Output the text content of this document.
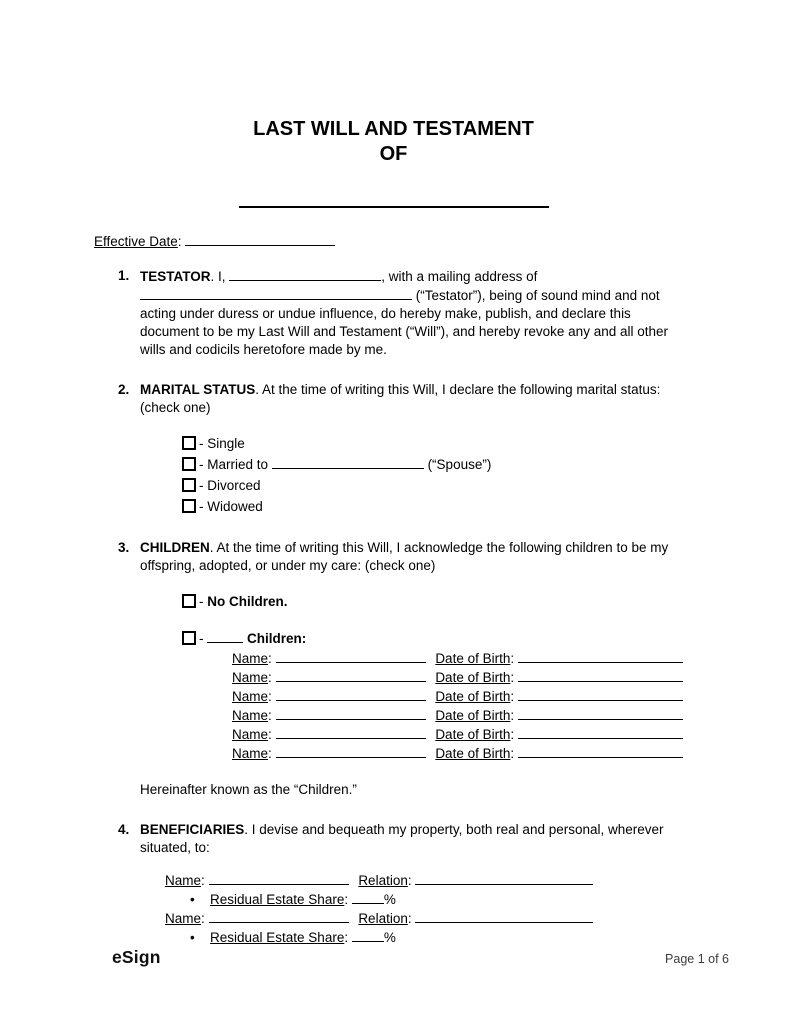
LAST WILL AND TESTAMENT
OF
Effective Date:
1. TESTATOR. I,	, with a mailing address of  (“Testator”), being of sound mind and not acting under duress or undue influence, do hereby make, publish, and declare this document to be my Last Will and Testament (“Will”), and hereby revoke any and all other wills and codicils heretofore made by me.
2. MARITAL STATUS. At the time of writing this Will, I declare the following marital status: (check one)
- Single
- Married to	(“Spouse”)
- Divorced
- Widowed
3. CHILDREN. At the time of writing this Will, I acknowledge the following children to be my offspring, adopted, or under my care: (check one)
- No Children.
-	Children:
Name:	Date of Birth:
Name:	Date of Birth:
Name:	Date of Birth:
Name:	Date of Birth:
Name:	Date of Birth:
Name:	Date of Birth:
Hereinafter known as the “Children.”
4. BENEFICIARIES. I devise and bequeath my property, both real and personal, wherever situated, to:
Name:	Relation:
• Residual Estate Share:	%
Name:	Relation:
• Residual Estate Share:	%
eSign	Page 1 of 6
